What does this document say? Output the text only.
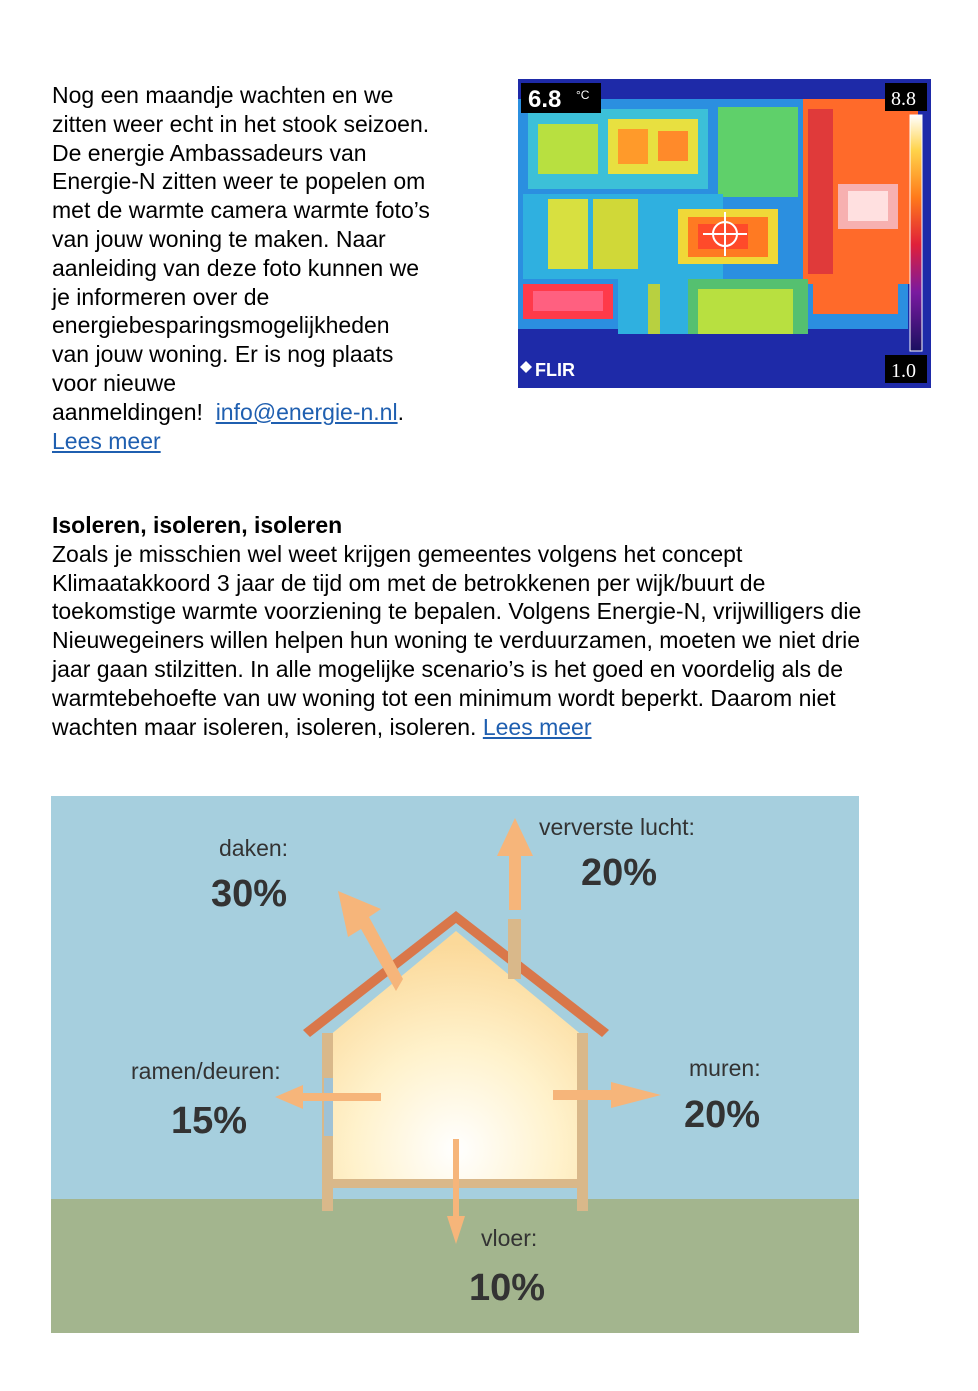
Nog een maandje wachten en we
zitten weer echt in het stook seizoen.
De energie Ambassadeurs van
Energie-N zitten weer te popelen om
met de warmte camera warmte foto’s
van jouw woning te maken. Naar
aanleiding van deze foto kunnen we
je informeren over de
energiebesparingsmogelijkheden
van jouw woning. Er is nog plaats
voor nieuwe
aanmeldingen! info@energie-n.nl.
Lees meer
6.8 °C	8.8
1.0
FLIR
Isoleren, isoleren, isoleren
Zoals je misschien wel weet krijgen gemeentes volgens het concept
Klimaatakkoord 3 jaar de tijd om met de betrokkenen per wijk/buurt de
toekomstige warmte voorziening te bepalen. Volgens Energie-N, vrijwilligers die
Nieuwegeiners willen helpen hun woning te verduurzamen, moeten we niet drie
jaar gaan stilzitten. In alle mogelijke scenario’s is het goed en voordelig als de
warmtebehoefte van uw woning tot een minimum wordt beperkt. Daarom niet
wachten maar isoleren, isoleren, isoleren. Lees meer
daken:
30%
ververste lucht:
20%
ramen/deuren:
15%
muren:
20%
vloer:
10%
